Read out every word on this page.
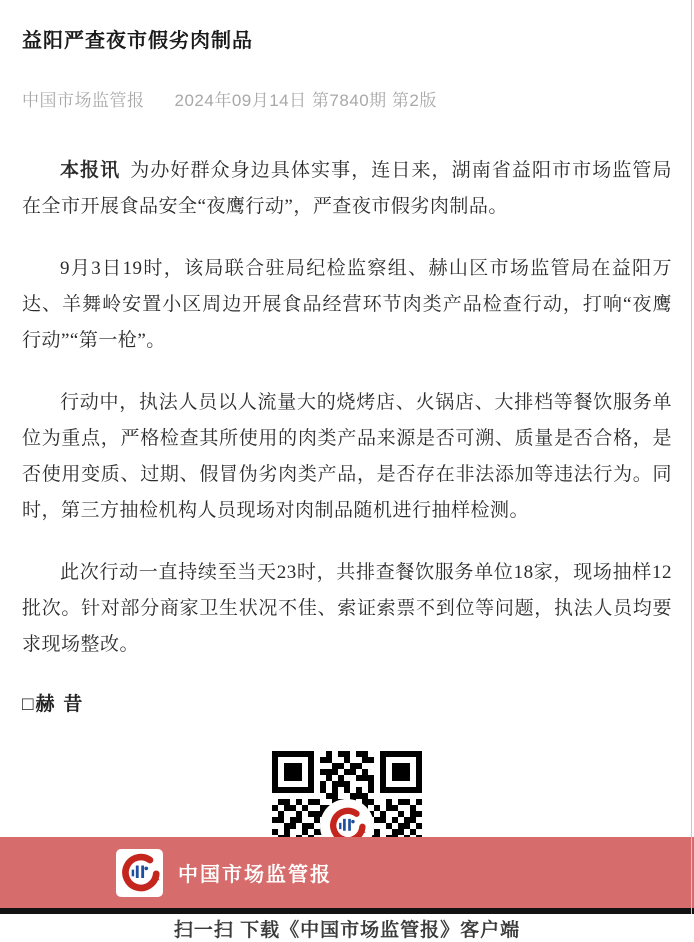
益阳严查夜市假劣肉制品
中国市场监管报 2024年09月14日 第7840期 第2版

本报讯 为办好群众身边具体实事，连日来，湖南省益阳市市场监管局在全市开展食品安全“夜鹰行动”，严查夜市假劣肉制品。

9月3日19时，该局联合驻局纪检监察组、赫山区市场监管局在益阳万达、羊舞岭安置小区周边开展食品经营环节肉类产品检查行动，打响“夜鹰行动”“第一枪”。

行动中，执法人员以人流量大的烧烤店、火锅店、大排档等餐饮服务单位为重点，严格检查其所使用的肉类产品来源是否可溯、质量是否合格，是否使用变质、过期、假冒伪劣肉类产品，是否存在非法添加等违法行为。同时，第三方抽检机构人员现场对肉制品随机进行抽样检测。

此次行动一直持续至当天23时，共排查餐饮服务单位18家，现场抽样12批次。针对部分商家卫生状况不佳、索证索票不到位等问题，执法人员均要求现场整改。

□赫 昔
扫一扫 下载《中国市场监管报》客户端
中国市场监管报
